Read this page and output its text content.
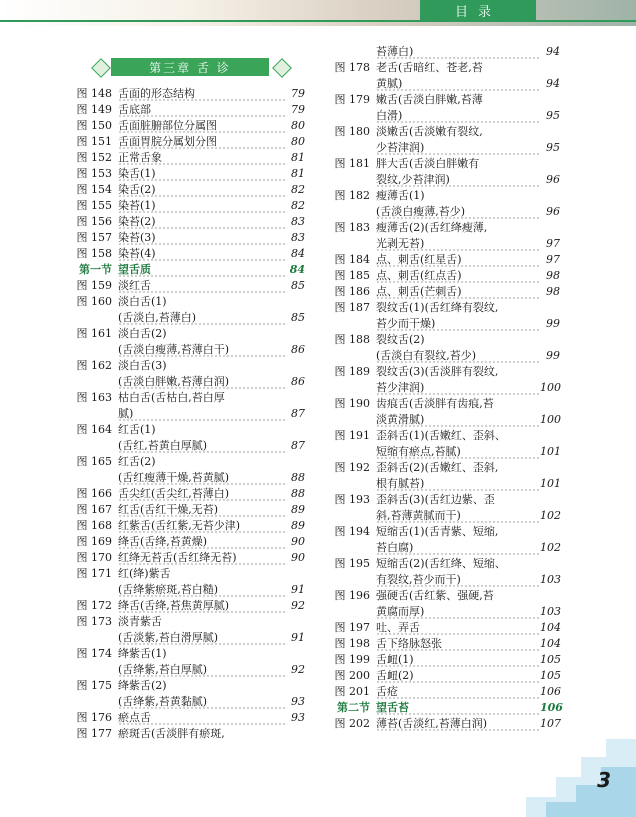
目录
第三章 舌 诊
图 148 舌面的形态结构	79
图 149 舌底部	79
图 150 舌面脏腑部位分属图	80
图 151 舌面胃脘分属划分图	80
图 152 正常舌象	81
图 153 染舌(1)	81
图 154 染舌(2)	82
图 155 染苔(1)	82
图 156 染苔(2)	83
图 157 染苔(3)	83
图 158 染苔(4)	84
第一节 望舌质	84
图 159 淡红舌	85
图 160 淡白舌(1)
(舌淡白,苔薄白)	85
图 161 淡白舌(2)
(舌淡白瘦薄,苔薄白干)	86
图 162 淡白舌(3)
(舌淡白胖嫩,苔薄白润)	86
图 163 枯白舌(舌枯白,苔白厚
腻)	87
图 164 红舌(1)
(舌红,苔黄白厚腻)	87
图 165 红舌(2)
(舌红瘦薄干燥,苔黄腻)	88
图 166 舌尖红(舌尖红,苔薄白)	88
图 167 红舌(舌红干燥,无苔)	89
图 168 红紫舌(舌红紫,无苔少津)	89
图 169 绛舌(舌绛,苔黄燥)	90
图 170 红绛无苔舌(舌红绛无苔)	90
图 171 红(绛)紫舌
(舌绛紫瘀斑,苔白糙)	91
图 172 绛舌(舌绛,苔焦黄厚腻)	92
图 173 淡青紫舌
(舌淡紫,苔白滑厚腻)	91
图 174 绛紫舌(1)
(舌绛紫,苔白厚腻)	92
图 175 绛紫舌(2)
(舌绛紫,苔黄黏腻)	93
图 176 瘀点舌	93
图 177 瘀斑舌(舌淡胖有瘀斑,
苔薄白)	94
图 178 老舌(舌暗红、苍老,苔
黄腻)	94
图 179 嫩舌(舌淡白胖嫩,苔薄
白滑)	95
图 180 淡嫩舌(舌淡嫩有裂纹,
少苔津润)	95
图 181 胖大舌(舌淡白胖嫩有
裂纹,少苔津润)	96
图 182 瘦薄舌(1)
(舌淡白瘦薄,苔少)	96
图 183 瘦薄舌(2)(舌红绛瘦薄,
光剥无苔)	97
图 184 点、刺舌(红星舌)	97
图 185 点、刺舌(红点舌)	98
图 186 点、刺舌(芒刺舌)	98
图 187 裂纹舌(1)(舌红绛有裂纹,
苔少而干燥)	99
图 188 裂纹舌(2)
(舌淡白有裂纹,苔少)	99
图 189 裂纹舌(3)(舌淡胖有裂纹,
苔少津润)	100
图 190 齿痕舌(舌淡胖有齿痕,苔
淡黄滑腻)	100
图 191 歪斜舌(1)(舌嫩红、歪斜、
短缩有瘀点,苔腻)	101
图 192 歪斜舌(2)(舌嫩红、歪斜,
根有腻苔)	101
图 193 歪斜舌(3)(舌红边紫、歪
斜,苔薄黄腻而干)	102
图 194 短缩舌(1)(舌青紫、短缩,
苔白腐)	102
图 195 短缩舌(2)(舌红绛、短缩、
有裂纹,苔少而干)	103
图 196 强硬舌(舌红紫、强硬,苔
黄腐而厚)	103
图 197 吐、弄舌	104
图 198 舌下络脉怒张	104
图 199 舌衄(1)	105
图 200 舌衄(2)	105
图 201 舌疮	106
第二节 望舌苔	106
图 202 薄苔(舌淡红,苔薄白润)	107
3
